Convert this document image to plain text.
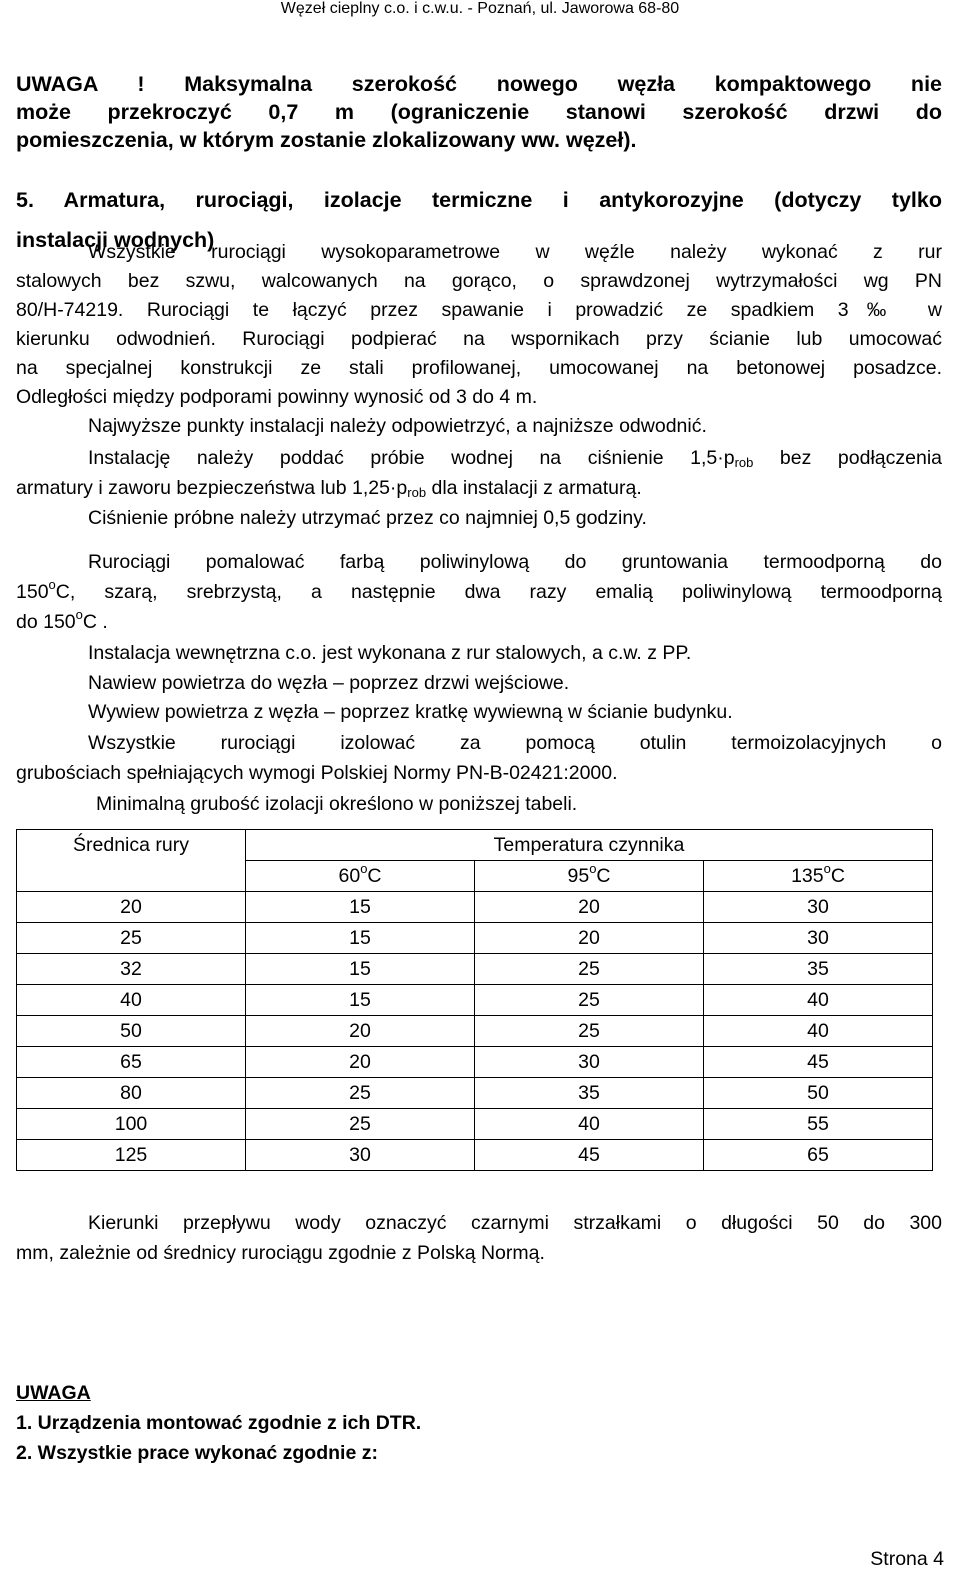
Węzeł cieplny c.o. i c.w.u. - Poznań, ul. Jaworowa 68-80
UWAGA ! Maksymalna szerokość nowego węzła kompaktowego nie
może przekroczyć 0,7 m (ograniczenie stanowi szerokość drzwi do
pomieszczenia, w którym zostanie zlokalizowany ww. węzeł).
5. Armatura, rurociągi, izolacje termiczne i antykorozyjne (dotyczy tylko
instalacji wodnych)
Wszystkie rurociągi wysokoparametrowe w węźle należy wykonać z rur
stalowych bez szwu, walcowanych na gorąco, o sprawdzonej wytrzymałości wg PN
80/H-74219. Rurociągi te łączyć przez spawanie i prowadzić ze spadkiem 3‰ w
kierunku odwodnień. Rurociągi podpierać na wspornikach przy ścianie lub umocować
na specjalnej konstrukcji ze stali profilowanej, umocowanej na betonowej posadzce.
Odległości między podporami powinny wynosić od 3 do 4 m.
Najwyższe punkty instalacji należy odpowietrzyć, a najniższe odwodnić.
Instalację należy poddać próbie wodnej na ciśnienie $1,5\cdot p_{rob}$ bez podłączenia
armatury i zaworu bezpieczeństwa lub $1,25\cdot p_{rob}$ dla instalacji z armaturą.
Ciśnienie próbne należy utrzymać przez co najmniej 0,5 godziny.
Rurociągi pomalować farbą poliwinylową do gruntowania termoodporną do
150$^o$C, szarą, srebrzystą, a następnie dwa razy emalią poliwinylową termoodporną
do 150$^o$C .
Instalacja wewnętrzna c.o. jest wykonana z rur stalowych, a c.w. z PP.
Nawiew powietrza do węzła – poprzez drzwi wejściowe.
Wywiew powietrza z węzła – poprzez kratkę wywiewną w ścianie budynku.
Wszystkie rurociągi izolować za pomocą otulin termoizolacyjnych o
grubościach spełniających wymogi Polskiej Normy PN-B-02421:2000.
Minimalną grubość izolacji określono w poniższej tabeli.
Średnica rury	Temperatura czynnika		
	60$^o$C	95$^o$C	135$^o$C
20	15	20	30
25	15	20	30
32	15	25	35
40	15	25	40
50	20	25	40
65	20	30	45
80	25	35	50
100	25	40	55
125	30	45	65
Kierunki przepływu wody oznaczyć czarnymi strzałkami o długości 50 do 300
mm, zależnie od średnicy rurociągu zgodnie z Polską Normą.
UWAGA
1. Urządzenia montować zgodnie z ich DTR.
2. Wszystkie prace wykonać zgodnie z:
Strona 4
